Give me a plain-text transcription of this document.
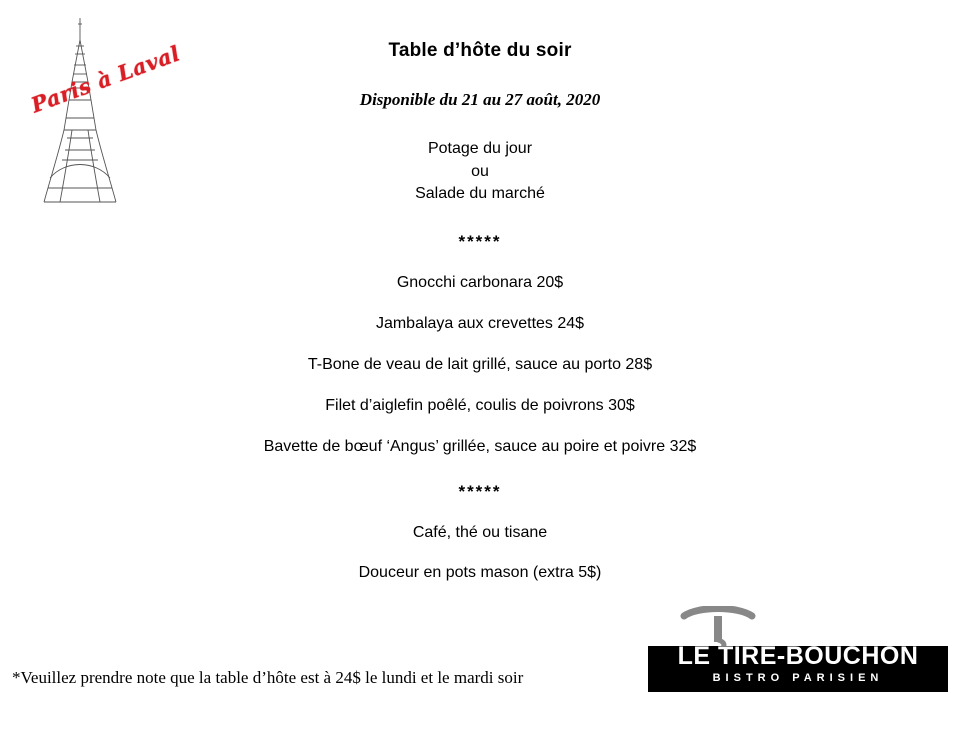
Paris à Laval	Table d’hôte du soir
Disponible du 21 au 27 août, 2020
Potage du jour
ou
Salade du marché
*****
Gnocchi carbonara 20$
Jambalaya aux crevettes 24$
T-Bone de veau de lait grillé, sauce au porto 28$
Filet d’aiglefin poêlé, coulis de poivrons 30$
Bavette de bœuf ‘Angus’ grillée, sauce au poire et poivre 32$
*****
Café, thé ou tisane
Douceur en pots mason (extra 5$)
*Veuillez prendre note que la table d’hôte est à 24$ le lundi et le mardi soir
LE TIRE-BOUCHON
BISTRO PARISIEN
